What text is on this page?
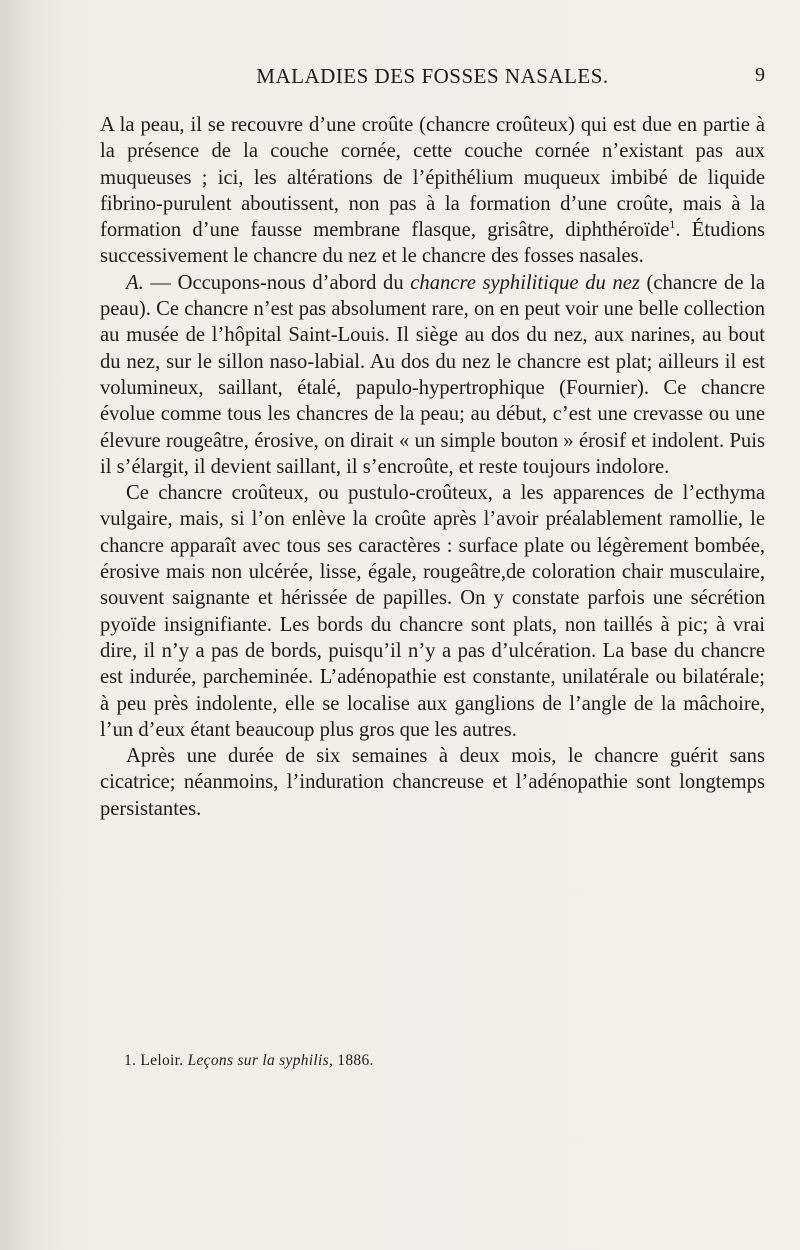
MALADIES DES FOSSES NASALES.	9

A la peau, il se recouvre d’une croûte (chancre croûteux) qui est due en partie à la présence de la couche cornée, cette couche cornée n’existant pas aux muqueuses ; ici, les altérations de l’épithélium muqueux imbibé de liquide fibrino-purulent aboutissent, non pas à la formation d’une croûte, mais à la formation d’une fausse membrane flasque, grisâtre, diphthéroïde$^1$. Étudions successivement le chancre du nez et le chancre des fosses nasales.

A. — Occupons-nous d’abord du chancre syphilitique du nez (chancre de la peau). Ce chancre n’est pas absolument rare, on en peut voir une belle collection au musée de l’hôpital Saint-Louis. Il siège au dos du nez, aux narines, au bout du nez, sur le sillon naso-labial. Au dos du nez le chancre est plat; ailleurs il est volumineux, saillant, étalé, papulo-hypertrophique (Fournier). Ce chancre évolue comme tous les chancres de la peau; au début, c’est une crevasse ou une élevure rougeâtre, érosive, on dirait « un simple bouton » érosif et indolent. Puis il s’élargit, il devient saillant, il s’encroûte, et reste toujours indolore.

Ce chancre croûteux, ou pustulo-croûteux, a les apparences de l’ecthyma vulgaire, mais, si l’on enlève la croûte après l’avoir préalablement ramollie, le chancre apparaît avec tous ses caractères : surface plate ou légèrement bombée, érosive mais non ulcérée, lisse, égale, rougeâtre,de coloration chair musculaire, souvent saignante et hérissée de papilles. On y constate parfois une sécrétion pyoïde insignifiante. Les bords du chancre sont plats, non taillés à pic; à vrai dire, il n’y a pas de bords, puisqu’il n’y a pas d’ulcération. La base du chancre est indurée, parcheminée. L’adénopathie est constante, unilatérale ou bilatérale; à peu près indolente, elle se localise aux ganglions de l’angle de la mâchoire, l’un d’eux étant beaucoup plus gros que les autres.

Après une durée de six semaines à deux mois, le chancre guérit sans cicatrice; néanmoins, l’induration chancreuse et l’adénopathie sont longtemps persistantes.

1. Leloir. Leçons sur la syphilis, 1886.
